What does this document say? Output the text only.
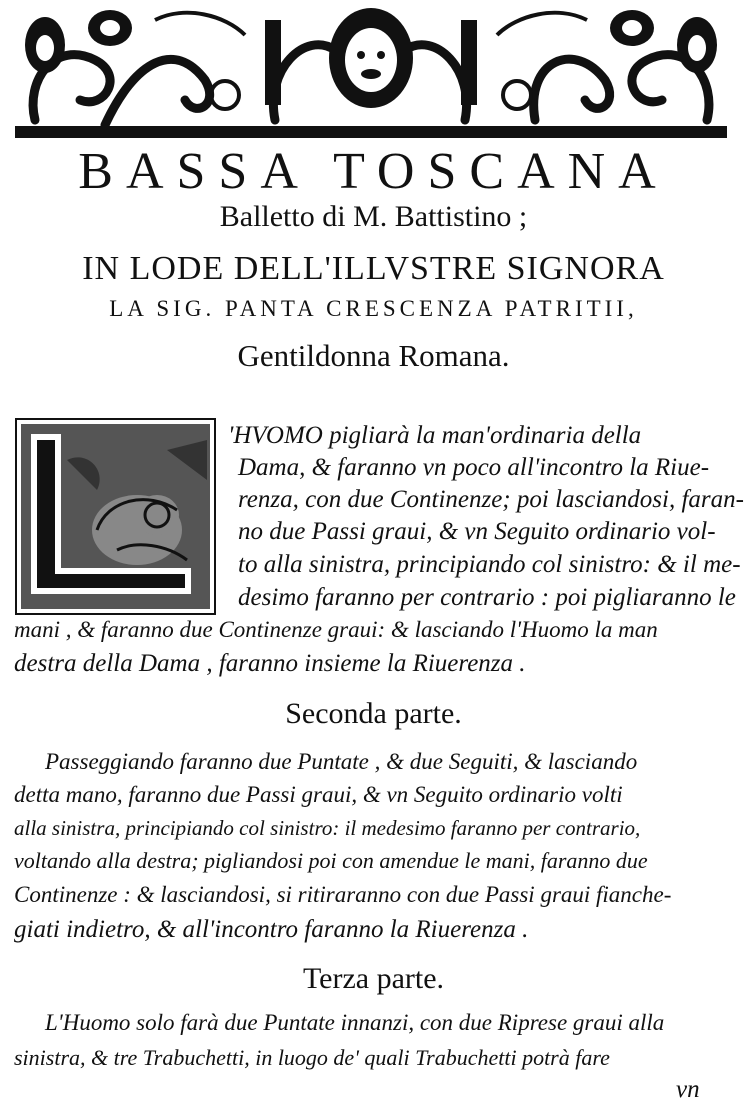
BASSA TOSCANA
Balletto di M. Battistino ;
IN LODE DELL'ILLVSTRE SIGNORA
LA SIG. PANTA CRESCENZA PATRITII,
Gentildonna Romana.
'HVOMO pigliarà la man'ordinaria della
Dama, & faranno vn poco all'incontro la Riue-
renza, con due Continenze; poi lasciandosi, faran-
no due Passi graui, & vn Seguito ordinario vol-
to alla sinistra, principiando col sinistro: & il me-
desimo faranno per contrario : poi pigliaranno le
mani , & faranno due Continenze graui: & lasciando l'Huomo la man
destra della Dama , faranno insieme la Riuerenza .
Seconda parte.
Passeggiando faranno due Puntate , & due Seguiti, & lasciando
detta mano, faranno due Passi graui, & vn Seguito ordinario volti
alla sinistra, principiando col sinistro: il medesimo faranno per contrario,
voltando alla destra; pigliandosi poi con amendue le mani, faranno due
Continenze : & lasciandosi, si ritiraranno con due Passi graui fianche-
giati indietro, & all'incontro faranno la Riuerenza .
Terza parte.
L'Huomo solo farà due Puntate innanzi, con due Riprese graui alla
sinistra, & tre Trabuchetti, in luogo de' quali Trabuchetti potrà fare
vn
